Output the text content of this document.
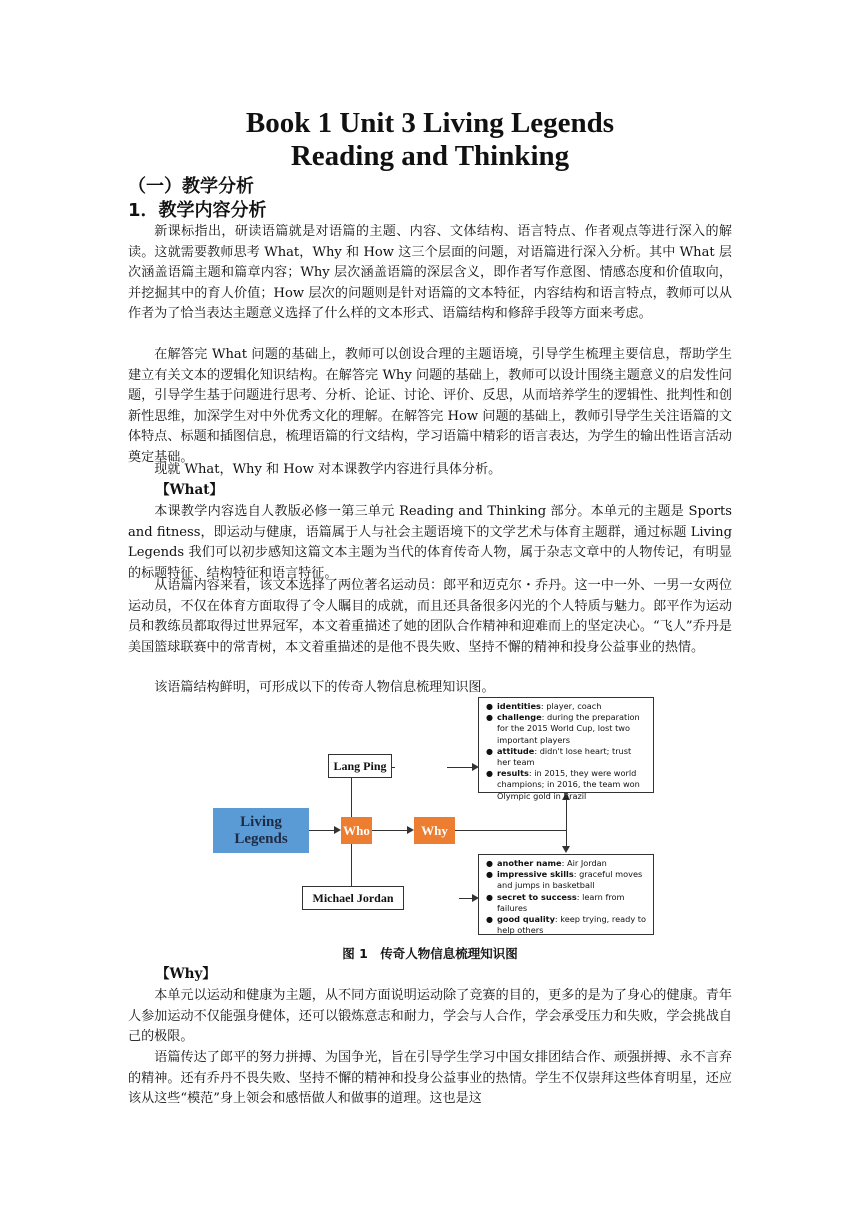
Book 1 Unit 3 Living Legends
Reading and Thinking
（一）教学分析
1．教学内容分析

新课标指出，研读语篇就是对语篇的主题、内容、文体结构、语言特点、作者观点等进行深入的解读。这就需要教师思考 What，Why 和 How 这三个层面的问题，对语篇进行深入分析。其中 What 层次涵盖语篇主题和篇章内容；Why 层次涵盖语篇的深层含义，即作者写作意图、情感态度和价值取向，并挖掘其中的育人价值；How 层次的问题则是针对语篇的文本特征，内容结构和语言特点，教师可以从作者为了恰当表达主题意义选择了什么样的文本形式、语篇结构和修辞手段等方面来考虑。

在解答完 What 问题的基础上，教师可以创设合理的主题语境，引导学生梳理主要信息，帮助学生建立有关文本的逻辑化知识结构。在解答完 Why 问题的基础上，教师可以设计围绕主题意义的启发性问题，引导学生基于问题进行思考、分析、论证、讨论、评价、反思，从而培养学生的逻辑性、批判性和创新性思维，加深学生对中外优秀文化的理解。在解答完 How 问题的基础上，教师引导学生关注语篇的文体特点、标题和插图信息，梳理语篇的行文结构，学习语篇中精彩的语言表达，为学生的输出性语言活动奠定基础。

现就 What，Why 和 How 对本课教学内容进行具体分析。

【What】

本课教学内容选自人教版必修一第三单元 Reading and Thinking 部分。本单元的主题是 Sports and fitness，即运动与健康，语篇属于人与社会主题语境下的文学艺术与体育主题群，通过标题 Living Legends 我们可以初步感知这篇文本主题为当代的体育传奇人物，属于杂志文章中的人物传记，有明显的标题特征、结构特征和语言特征。

从语篇内容来看，该文本选择了两位著名运动员：郎平和迈克尔・乔丹。这一中一外、一男一女两位运动员，不仅在体育方面取得了令人瞩目的成就，而且还具备很多闪光的个人特质与魅力。郎平作为运动员和教练员都取得过世界冠军，本文着重描述了她的团队合作精神和迎难而上的坚定决心。“飞人”乔丹是美国篮球联赛中的常青树，本文着重描述的是他不畏失败、坚持不懈的精神和投身公益事业的热情。

该语篇结构鲜明，可形成以下的传奇人物信息梳理知识图。

Living Legends
Who	Why
Lang Ping
Michael Jordan
● identities: player, coach
● challenge: during the preparation for the 2015 World Cup, lost two important players
● attitude: didn't lose heart; trust her team
● results: in 2015, they were world champions; in 2016, the team won Olympic gold in Brazil
● another name: Air Jordan
● impressive skills: graceful moves and jumps in basketball
● secret to success: learn from failures
● good quality: keep trying, ready to help others
图 1　传奇人物信息梳理知识图
【Why】

本单元以运动和健康为主题，从不同方面说明运动除了竞赛的目的，更多的是为了身心的健康。青年人参加运动不仅能强身健体，还可以锻炼意志和耐力，学会与人合作，学会承受压力和失败，学会挑战自己的极限。

语篇传达了郎平的努力拼搏、为国争光，旨在引导学生学习中国女排团结合作、顽强拼搏、永不言弃的精神。还有乔丹不畏失败、坚持不懈的精神和投身公益事业的热情。学生不仅崇拜这些体育明星，还应该从这些“模范”身上领会和感悟做人和做事的道理。这也是这
